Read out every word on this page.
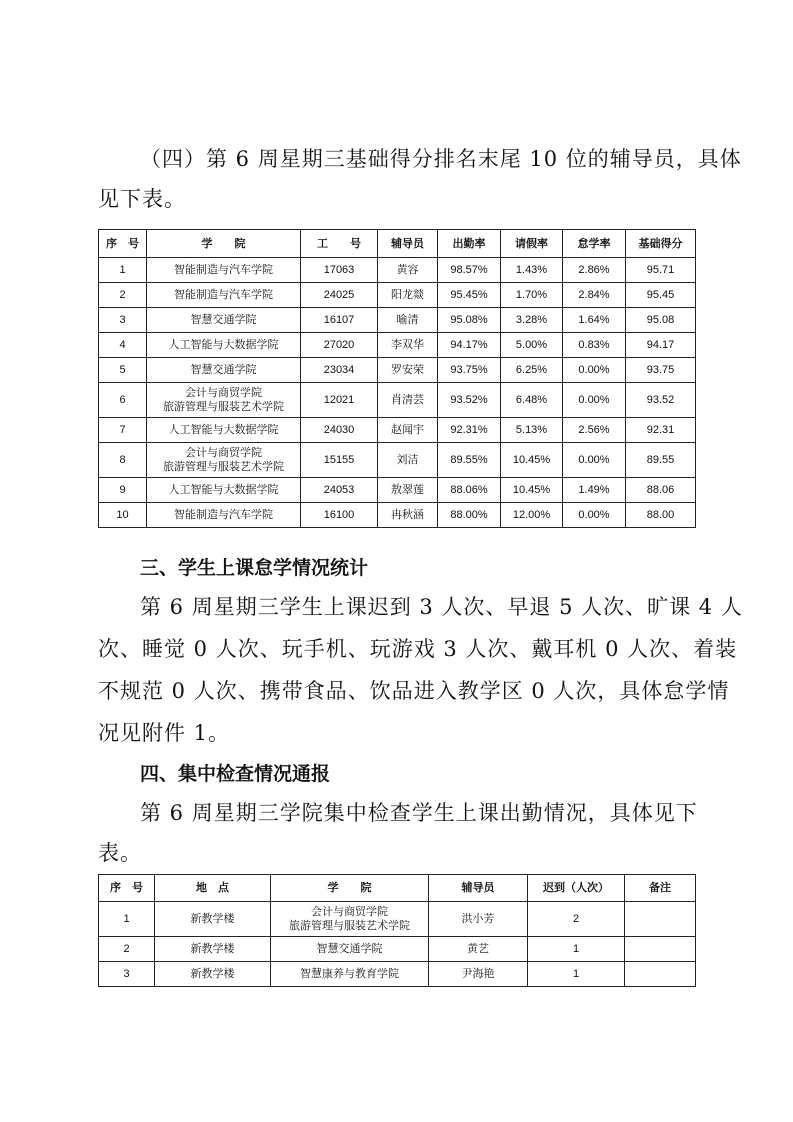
（四）第 6 周星期三基础得分排名末尾 10 位的辅导员，具体

见下表。

序　号	学　　院	工　　号	辅导员	出勤率	请假率	怠学率	基础得分
1	智能制造与汽车学院	17063	黄容	98.57%	1.43%	2.86%	95.71
2	智能制造与汽车学院	24025	阳龙燚	95.45%	1.70%	2.84%	95.45
3	智慧交通学院	16107	喻清	95.08%	3.28%	1.64%	95.08
4	人工智能与大数据学院	27020	李双华	94.17%	5.00%	0.83%	94.17
5	智慧交通学院	23034	罗安荣	93.75%	6.25%	0.00%	93.75
6	会计与商贸学院
旅游管理与服装艺术学院	12021	肖清芸	93.52%	6.48%	0.00%	93.52
7	人工智能与大数据学院	24030	赵闻宇	92.31%	5.13%	2.56%	92.31
8	会计与商贸学院
旅游管理与服装艺术学院	15155	刘洁	89.55%	10.45%	0.00%	89.55
9	人工智能与大数据学院	24053	敖翠莲	88.06%	10.45%	1.49%	88.06
10	智能制造与汽车学院	16100	冉秋涵	88.00%	12.00%	0.00%	88.00

三、学生上课怠学情况统计

第 6 周星期三学生上课迟到 3 人次、早退 5 人次、旷课 4 人

次、睡觉 0 人次、玩手机、玩游戏 3 人次、戴耳机 0 人次、着装

不规范 0 人次、携带食品、饮品进入教学区 0 人次，具体怠学情

况见附件 1。

四、集中检查情况通报

第 6 周星期三学院集中检查学生上课出勤情况，具体见下

表。

序　号	地　点	学　　院	辅导员	迟到（人次）	备注
1	新教学楼	会计与商贸学院
旅游管理与服装艺术学院	洪小芳	2	
2	新教学楼	智慧交通学院	黄艺	1	
3	新教学楼	智慧康养与教育学院	尹海艳	1	
